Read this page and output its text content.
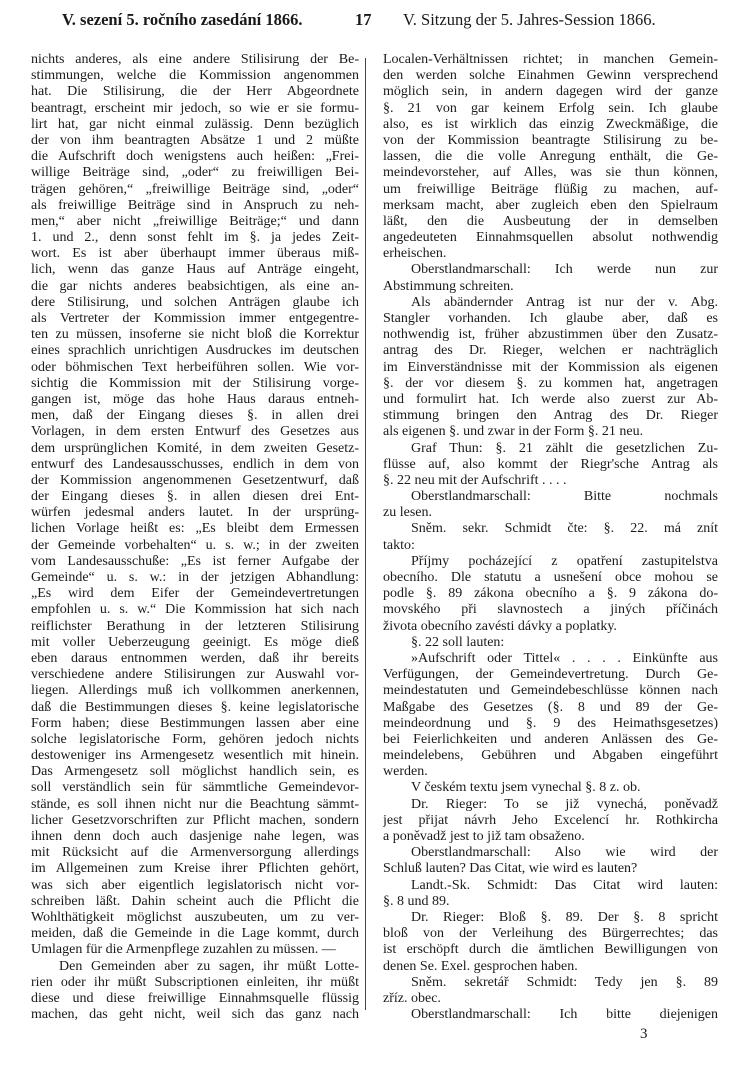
V. sezení 5. ročního zasedání 1866.	17 V. Sitzung der 5. Jahres-Session 1866.
nichts anderes, als eine andere Stilisirung der Be-
stimmungen, welche die Kommission angenommen
hat. Die Stilisirung, die der Herr Abgeordnete
beantragt, erscheint mir jedoch, so wie er sie formu-
lirt hat, gar nicht einmal zulässig. Denn bezüglich
der von ihm beantragten Absätze 1 und 2 müßte
die Aufschrift doch wenigstens auch heißen: „Frei-
willige Beiträge sind, „oder“ zu freiwilligen Bei-
trägen gehören,“ „freiwillige Beiträge sind, „oder“
als freiwillige Beiträge sind in Anspruch zu neh-
men,“ aber nicht „freiwillige Beiträge;“ und dann
1. und 2., denn sonst fehlt im §. ja jedes Zeit-
wort. Es ist aber überhaupt immer überaus miß-
lich, wenn das ganze Haus auf Anträge eingeht,
die gar nichts anderes beabsichtigen, als eine an-
dere Stilisirung, und solchen Anträgen glaube ich
als Vertreter der Kommission immer entgegentre-
ten zu müssen, insoferne sie nicht bloß die Korrektur
eines sprachlich unrichtigen Ausdruckes im deutschen
oder böhmischen Text herbeiführen sollen. Wie vor-
sichtig die Kommission mit der Stilisirung vorge-
gangen ist, möge das hohe Haus daraus entneh-
men, daß der Eingang dieses §. in allen drei
Vorlagen, in dem ersten Entwurf des Gesetzes aus
dem ursprünglichen Komité, in dem zweiten Gesetz-
entwurf des Landesausschusses, endlich in dem von
der Kommission angenommenen Gesetzentwurf, daß
der Eingang dieses §. in allen diesen drei Ent-
würfen jedesmal anders lautet. In der ursprüng-
lichen Vorlage heißt es: „Es bleibt dem Ermessen
der Gemeinde vorbehalten“ u. s. w.; in der zweiten
vom Landesausschuße: „Es ist ferner Aufgabe der
Gemeinde“ u. s. w.: in der jetzigen Abhandlung:
„Es wird dem Eifer der Gemeindevertretungen
empfohlen u. s. w.“ Die Kommission hat sich nach
reiflichster Berathung in der letzteren Stilisirung
mit voller Ueberzeugung geeinigt. Es möge dieß
eben daraus entnommen werden, daß ihr bereits
verschiedene andere Stilisirungen zur Auswahl vor-
liegen. Allerdings muß ich vollkommen anerkennen,
daß die Bestimmungen dieses §. keine legislatorische
Form haben; diese Bestimmungen lassen aber eine
solche legislatorische Form, gehören jedoch nichts
destoweniger ins Armengesetz wesentlich mit hinein.
Das Armengesetz soll möglichst handlich sein, es
soll verständlich sein für sämmtliche Gemeindevor-
stände, es soll ihnen nicht nur die Beachtung sämmt-
licher Gesetzvorschriften zur Pflicht machen, sondern
ihnen denn doch auch dasjenige nahe legen, was
mit Rücksicht auf die Armenversorgung allerdings
im Allgemeinen zum Kreise ihrer Pflichten gehört,
was sich aber eigentlich legislatorisch nicht vor-
schreiben läßt. Dahin scheint auch die Pflicht die
Wohlthätigkeit möglichst auszubeuten, um zu ver-
meiden, daß die Gemeinde in die Lage kommt, durch
Umlagen für die Armenpflege zuzahlen zu müssen. —
Den Gemeinden aber zu sagen, ihr müßt Lotte-
rien oder ihr müßt Subscriptionen einleiten, ihr müßt
diese und diese freiwillige Einnahmsquelle flüssig
machen, das geht nicht, weil sich das ganz nach
Localen-Verhältnissen richtet; in manchen Gemein-
den werden solche Einahmen Gewinn versprechend
möglich sein, in andern dagegen wird der ganze
§. 21 von gar keinem Erfolg sein. Ich glaube
also, es ist wirklich das einzig Zweckmäßige, die
von der Kommission beantragte Stilisirung zu be-
lassen, die die volle Anregung enthält, die Ge-
meindevorsteher, auf Alles, was sie thun können,
um freiwillige Beiträge flüßig zu machen, auf-
merksam macht, aber zugleich eben den Spielraum
läßt, den die Ausbeutung der in demselben
angedeuteten Einnahmsquellen absolut nothwendig
erheischen.
Oberstlandmarschall: Ich werde nun zur
Abstimmung schreiten.
Als abändernder Antrag ist nur der v. Abg.
Stangler vorhanden. Ich glaube aber, daß es
nothwendig ist, früher abzustimmen über den Zusatz-
antrag des Dr. Rieger, welchen er nachträglich
im Einverständnisse mit der Kommission als eigenen
§. der vor diesem §. zu kommen hat, angetragen
und formulirt hat. Ich werde also zuerst zur Ab-
stimmung bringen den Antrag des Dr. Rieger
als eigenen §. und zwar in der Form §. 21 neu.
Graf Thun: §. 21 zählt die gesetzlichen Zu-
flüsse auf, also kommt der Riegr'sche Antrag als
§. 22 neu mit der Aufschrift . . . .
Oberstlandmarschall: Bitte nochmals
zu lesen.
Sněm. sekr. Schmidt čte: §. 22. má znít
takto:
Příjmy pocházející z opatření zastupitelstva
obecního. Dle statutu a usnešení obce mohou se
podle §. 89 zákona obecního a §. 9 zákona do-
movského při slavnostech a jiných příčinách
života obecního zavésti dávky a poplatky.
§. 22 soll lauten:
»Aufschrift oder Tittel« . . . . Einkünfte aus
Verfügungen, der Gemeindevertretung. Durch Ge-
meindestatuten und Gemeindebeschlüsse können nach
Maßgabe des Gesetzes (§. 8 und 89 der Ge-
meindeordnung und §. 9 des Heimathsgesetzes)
bei Feierlichkeiten und anderen Anlässen des Ge-
meindelebens, Gebühren und Abgaben eingeführt
werden.
V českém textu jsem vynechal §. 8 z. ob.
Dr. Rieger: To se již vynechá, poněvadž
jest přijat návrh Jeho Excelencí hr. Rothkircha
a poněvadž jest to již tam obsaženo.
Oberstlandmarschall: Also wie wird der
Schluß lauten? Das Citat, wie wird es lauten?
Landt.-Sk. Schmidt: Das Citat wird lauten:
§. 8 und 89.
Dr. Rieger: Bloß §. 89. Der §. 8 spricht
bloß von der Verleihung des Bürgerrechtes; das
ist erschöpft durch die ämtlichen Bewilligungen von
denen Se. Exel. gesprochen haben.
Sněm. sekretář Schmidt: Tedy jen §. 89
zříz. obec.
Oberstlandmarschall: Ich bitte diejenigen
3
